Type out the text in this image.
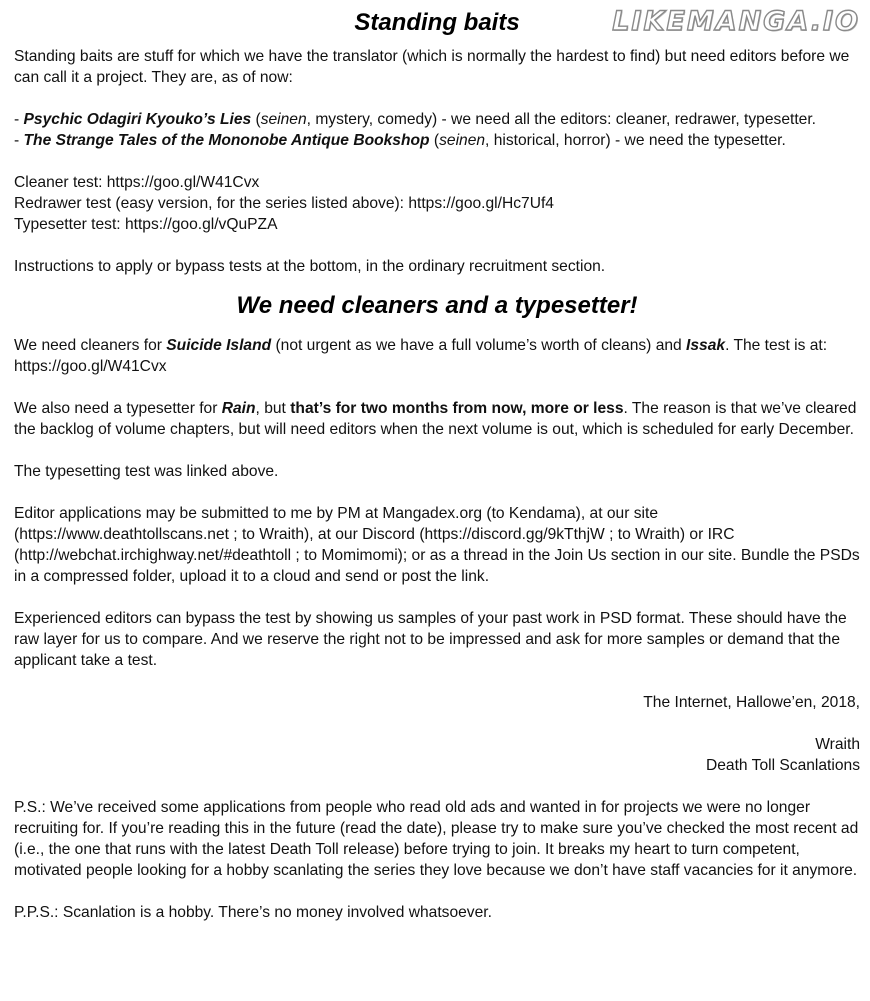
LIKEMANGA.IO
Standing baits

Standing baits are stuff for which we have the translator (which is normally the hardest to find) but need editors before we can call it a project. They are, as of now:

- Psychic Odagiri Kyouko’s Lies (seinen, mystery, comedy) - we need all the editors: cleaner, redrawer, typesetter.

- The Strange Tales of the Mononobe Antique Bookshop (seinen, historical, horror) - we need the typesetter.

Cleaner test: https://goo.gl/W41Cvx

Redrawer test (easy version, for the series listed above): https://goo.gl/Hc7Uf4

Typesetter test: https://goo.gl/vQuPZA

Instructions to apply or bypass tests at the bottom, in the ordinary recruitment section.

We need cleaners and a typesetter!

We need cleaners for Suicide Island (not urgent as we have a full volume’s worth of cleans) and Issak. The test is at: https://goo.gl/W41Cvx

We also need a typesetter for Rain, but that’s for two months from now, more or less. The reason is that we’ve cleared the backlog of volume chapters, but will need editors when the next volume is out, which is scheduled for early December.

The typesetting test was linked above.

Editor applications may be submitted to me by PM at Mangadex.org (to Kendama), at our site (https://www.deathtollscans.net ; to Wraith), at our Discord (https://discord.gg/9kTthjW ; to Wraith) or IRC (http://webchat.irchighway.net/#deathtoll ; to Momimomi); or as a thread in the Join Us section in our site. Bundle the PSDs in a compressed folder, upload it to a cloud and send or post the link.

Experienced editors can bypass the test by showing us samples of your past work in PSD format. These should have the raw layer for us to compare. And we reserve the right not to be impressed and ask for more samples or demand that the applicant take a test.

The Internet, Hallowe’en, 2018,

Wraith

Death Toll Scanlations

P.S.: We’ve received some applications from people who read old ads and wanted in for projects we were no longer recruiting for. If you’re reading this in the future (read the date), please try to make sure you’ve checked the most recent ad (i.e., the one that runs with the latest Death Toll release) before trying to join. It breaks my heart to turn competent, motivated people looking for a hobby scanlating the series they love because we don’t have staff vacancies for it anymore.

P.P.S.: Scanlation is a hobby. There’s no money involved whatsoever.
